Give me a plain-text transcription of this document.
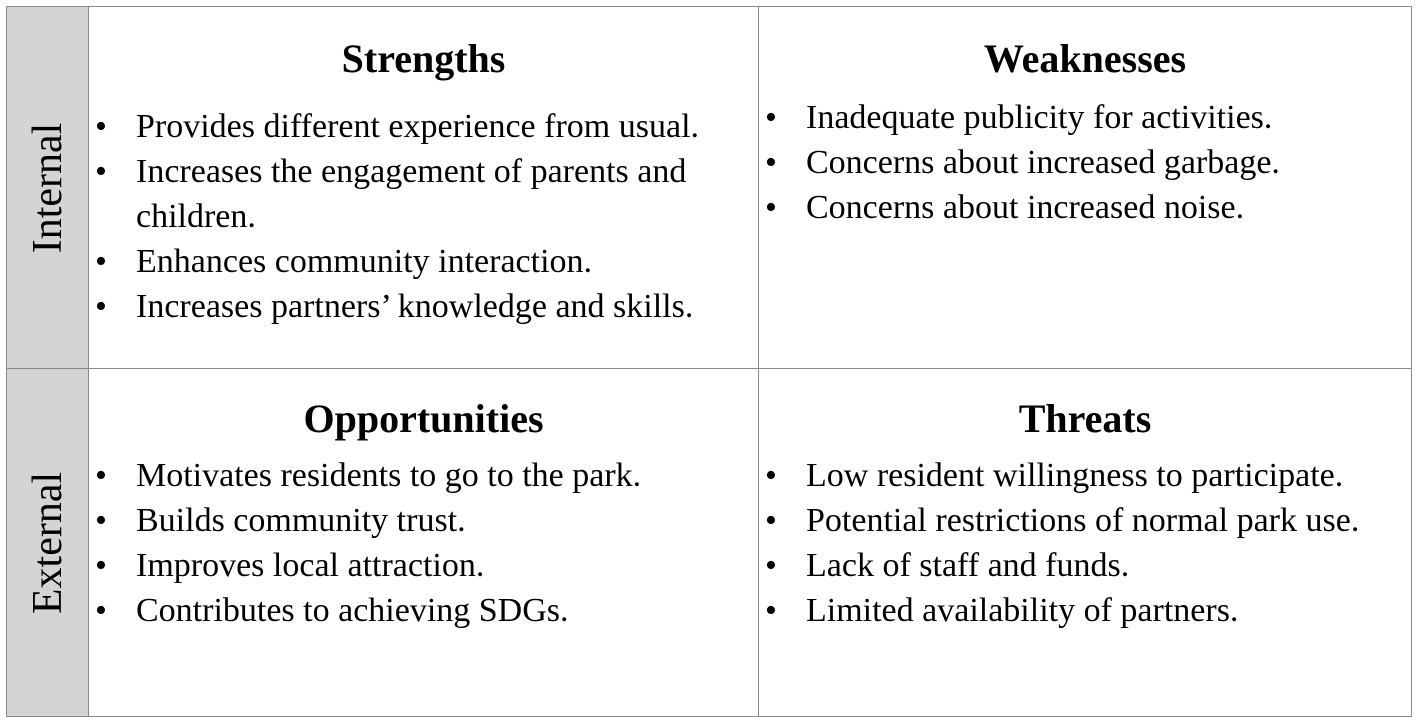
Internal
Strengths
• Provides different experience from usual.
• Increases the engagement of parents and children.
• Enhances community interaction.
• Increases partners’ knowledge and skills.
Weaknesses
• Inadequate publicity for activities.
• Concerns about increased garbage.
• Concerns about increased noise.
External
Opportunities
• Motivates residents to go to the park.
• Builds community trust.
• Improves local attraction.
• Contributes to achieving SDGs.
Threats
• Low resident willingness to participate.
• Potential restrictions of normal park use.
• Lack of staff and funds.
• Limited availability of partners.
